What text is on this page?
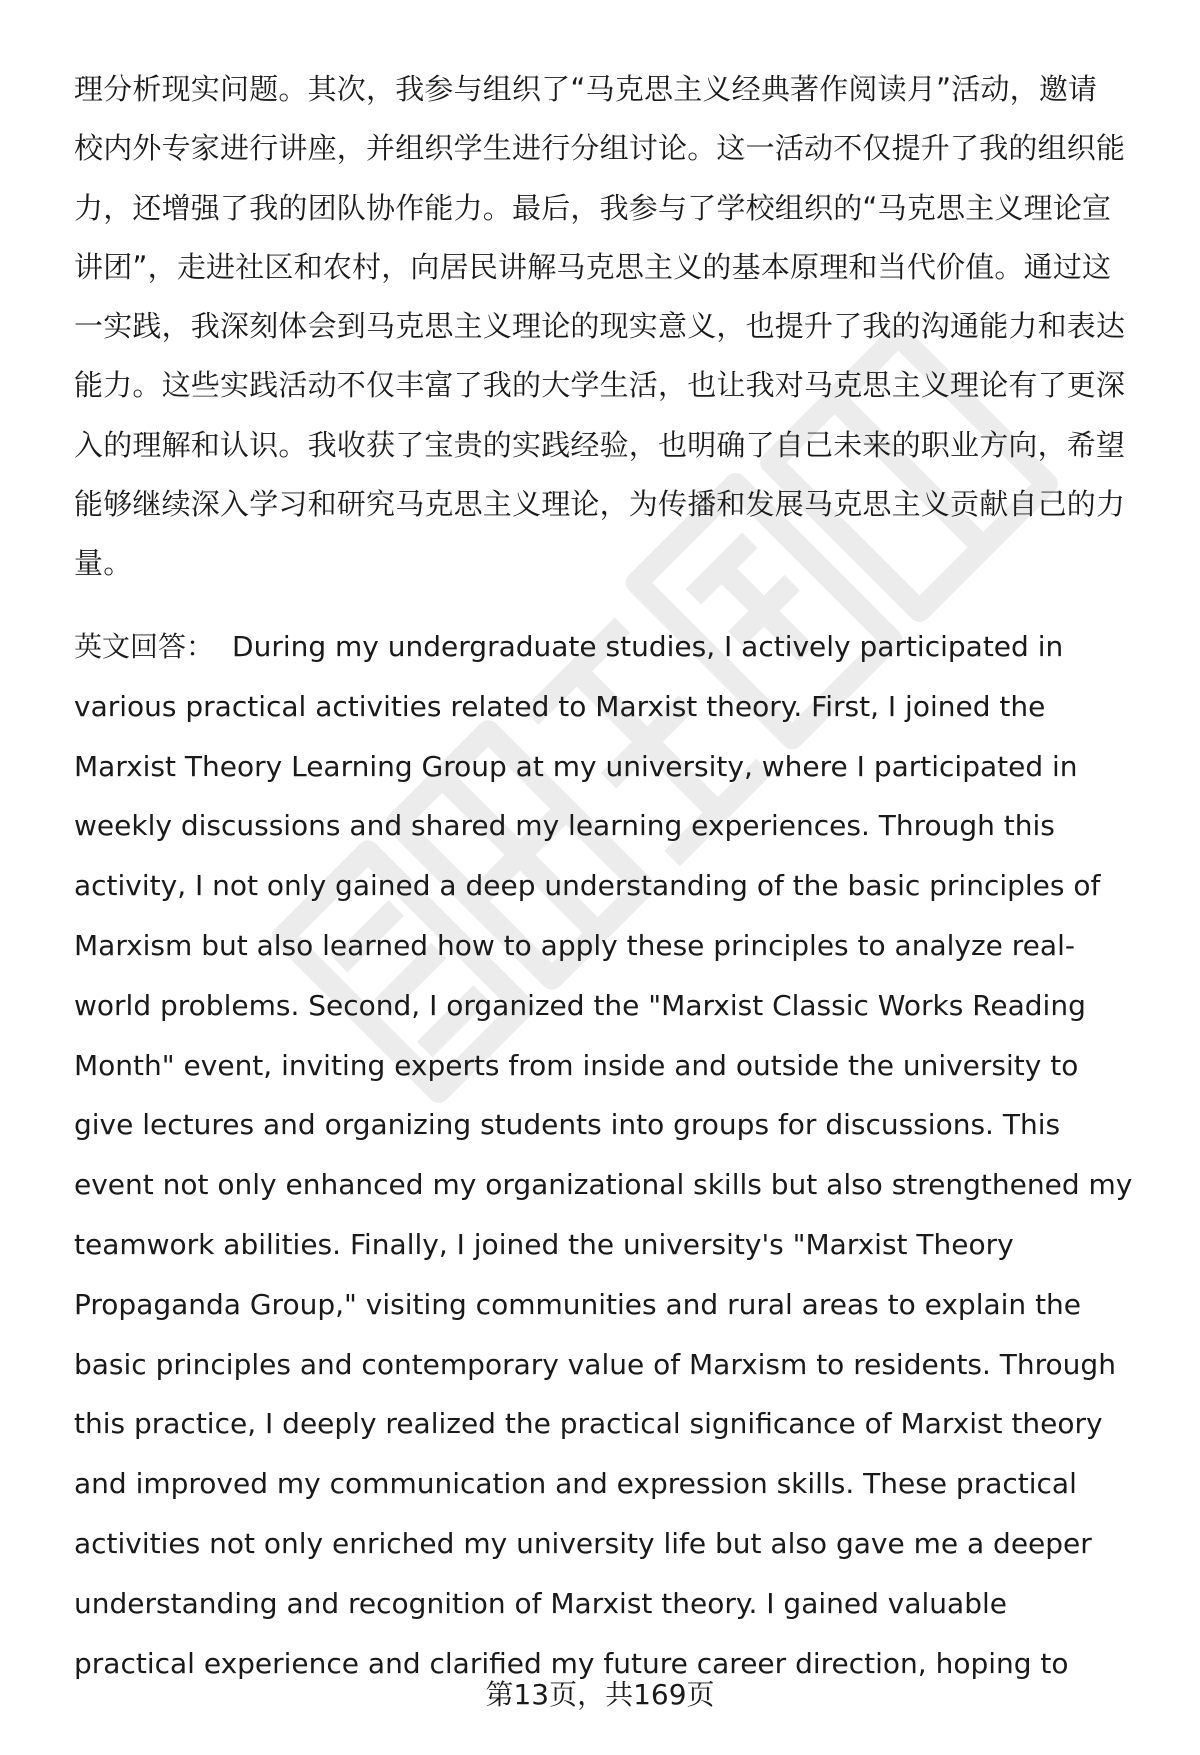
理分析现实问题。其次，我参与组织了“马克思主义经典著作阅读月”活动，邀请
校内外专家进行讲座，并组织学生进行分组讨论。这一活动不仅提升了我的组织能
力，还增强了我的团队协作能力。最后，我参与了学校组织的“马克思主义理论宣
讲团”，走进社区和农村，向居民讲解马克思主义的基本原理和当代价值。通过这
一实践，我深刻体会到马克思主义理论的现实意义，也提升了我的沟通能力和表达
能力。这些实践活动不仅丰富了我的大学生活，也让我对马克思主义理论有了更深
入的理解和认识。我收获了宝贵的实践经验，也明确了自己未来的职业方向，希望
能够继续深入学习和研究马克思主义理论，为传播和发展马克思主义贡献自己的力
量。
英文回答： During my undergraduate studies, I actively participated in
various practical activities related to Marxist theory. First, I joined the
Marxist Theory Learning Group at my university, where I participated in
weekly discussions and shared my learning experiences. Through this
activity, I not only gained a deep understanding of the basic principles of
Marxism but also learned how to apply these principles to analyze real-
world problems. Second, I organized the "Marxist Classic Works Reading
Month" event, inviting experts from inside and outside the university to
give lectures and organizing students into groups for discussions. This
event not only enhanced my organizational skills but also strengthened my
teamwork abilities. Finally, I joined the university's "Marxist Theory
Propaganda Group," visiting communities and rural areas to explain the
basic principles and contemporary value of Marxism to residents. Through
this practice, I deeply realized the practical significance of Marxist theory
and improved my communication and expression skills. These practical
activities not only enriched my university life but also gave me a deeper
understanding and recognition of Marxist theory. I gained valuable
practical experience and clarified my future career direction, hoping to
第13页，共169页
